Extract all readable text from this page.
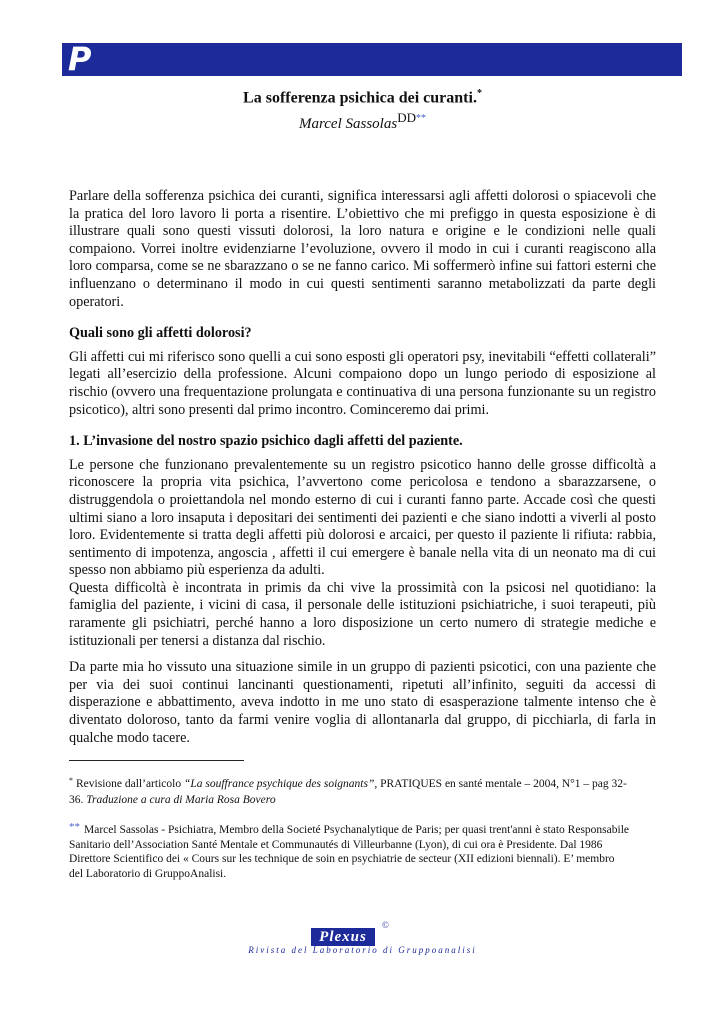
P
La sofferenza psichica dei curanti.*
Marcel SassolasDD**

Parlare della sofferenza psichica dei curanti, significa interessarsi agli affetti dolorosi o spiacevoli che la pratica del loro lavoro li porta a risentire. L’obiettivo che mi prefiggo in questa esposizione è di illustrare quali sono questi vissuti dolorosi, la loro natura e origine e le condizioni nelle quali compaiono. Vorrei inoltre evidenziarne l’evoluzione, ovvero il modo in cui i curanti reagiscono alla loro comparsa, come se ne sbarazzano o se ne fanno carico. Mi soffermerò infine sui fattori esterni che influenzano o determinano il modo in cui questi sentimenti saranno metabolizzati da parte degli operatori.

Quali sono gli affetti dolorosi?

Gli affetti cui mi riferisco sono quelli a cui sono esposti gli operatori psy, inevitabili “effetti collaterali” legati all’esercizio della professione. Alcuni compaiono dopo un lungo periodo di esposizione al rischio (ovvero una frequentazione prolungata e continuativa di una persona funzionante su un registro psicotico), altri sono presenti dal primo incontro. Cominceremo dai primi.

1. L’invasione del nostro spazio psichico dagli affetti del paziente.

Le persone che funzionano prevalentemente su un registro psicotico hanno delle grosse difficoltà a riconoscere la propria vita psichica, l’avvertono come pericolosa e tendono a sbarazzarsene, o distruggendola o proiettandola nel mondo esterno di cui i curanti fanno parte. Accade così che questi ultimi siano a loro insaputa i depositari dei sentimenti dei pazienti e che siano indotti a viverli al posto loro. Evidentemente si tratta degli affetti più dolorosi e arcaici, per questo il paziente li rifiuta: rabbia, sentimento di impotenza, angoscia , affetti il cui emergere è banale nella vita di un neonato ma di cui spesso non abbiamo più esperienza da adulti.

Questa difficoltà è incontrata in primis da chi vive la prossimità con la psicosi nel quotidiano: la famiglia del paziente, i vicini di casa, il personale delle istituzioni psichiatriche, i suoi terapeuti, più raramente gli psichiatri, perché hanno a loro disposizione un certo numero di strategie mediche e istituzionali per tenersi a distanza dal rischio.

Da parte mia ho vissuto una situazione simile in un gruppo di pazienti psicotici, con una paziente che per via dei suoi continui lancinanti questionamenti, ripetuti all’infinito, seguiti da accessi di disperazione e abbattimento, aveva indotto in me uno stato di esasperazione talmente intenso che è diventato doloroso, tanto da farmi venire voglia di allontanarla dal gruppo, di picchiarla, di farla in qualche modo tacere.

* Revisione dall’articolo “La souffrance psychique des soignants”, PRATIQUES en santé mentale – 2004, N°1 – pag 32-36. Traduzione a cura di Maria Rosa Bovero
** Marcel Sassolas - Psichiatra, Membro della Societé Psychanalytique de Paris; per quasi trent'anni è stato Responsabile Sanitario dell’Association Santé Mentale et Communautés di Villeurbanne (Lyon), di cui ora è Presidente. Dal 1986 Direttore Scientifico dei « Cours sur les technique de soin en psychiatrie de secteur (XII edizioni biennali). E’ membro del Laboratorio di GruppoAnalisi.
Plexus
©
Rivista del Laboratorio di Gruppoanalisi
